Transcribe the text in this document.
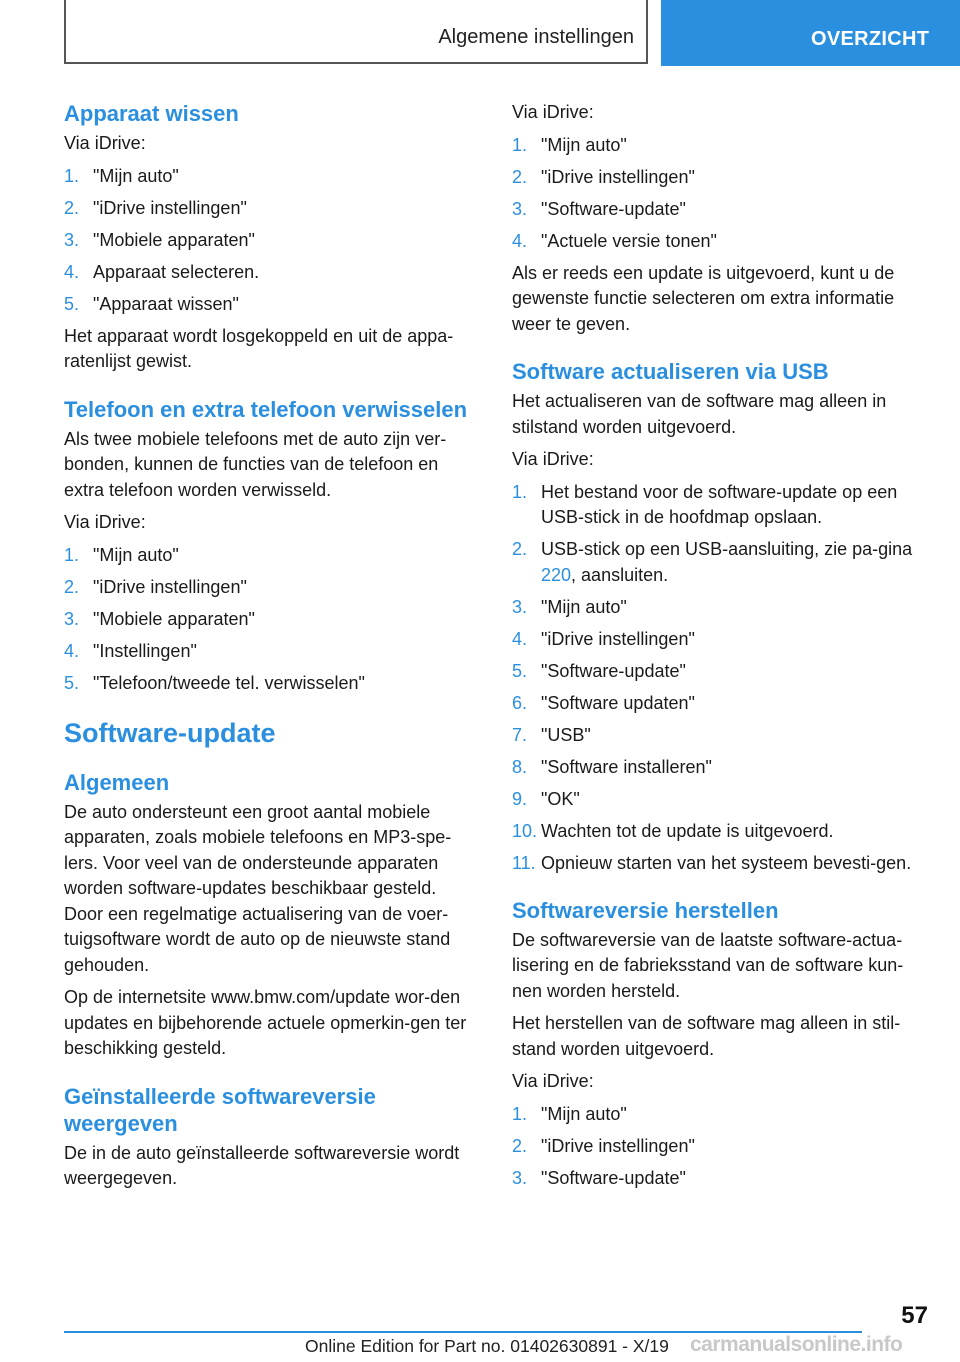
Algemene instellingen	OVERZICHT
Apparaat wissen
Via iDrive:
1. "Mijn auto"
2. "iDrive instellingen"
3. "Mobiele apparaten"
4. Apparaat selecteren.
5. "Apparaat wissen"
Het apparaat wordt losgekoppeld en uit de appa-ratenlijst gewist.
Telefoon en extra telefoon verwisselen
Als twee mobiele telefoons met de auto zijn ver-bonden, kunnen de functies van de telefoon en extra telefoon worden verwisseld.
Via iDrive:
1. "Mijn auto"
2. "iDrive instellingen"
3. "Mobiele apparaten"
4. "Instellingen"
5. "Telefoon/tweede tel. verwisselen"
Software-update
Algemeen
De auto ondersteunt een groot aantal mobiele apparaten, zoals mobiele telefoons en MP3-spe-lers. Voor veel van de ondersteunde apparaten worden software-updates beschikbaar gesteld. Door een regelmatige actualisering van de voer-tuigsoftware wordt de auto op de nieuwste stand gehouden.
Op de internetsite www.bmw.com/update wor-den updates en bijbehorende actuele opmerkin-gen ter beschikking gesteld.
Geïnstalleerde softwareversie weergeven
De in de auto geïnstalleerde softwareversie wordt weergegeven.
Via iDrive:
1. "Mijn auto"
2. "iDrive instellingen"
3. "Software-update"
4. "Actuele versie tonen"
Als er reeds een update is uitgevoerd, kunt u de gewenste functie selecteren om extra informatie weer te geven.
Software actualiseren via USB
Het actualiseren van de software mag alleen in stilstand worden uitgevoerd.
Via iDrive:
1. Het bestand voor de software-update op een USB-stick in de hoofdmap opslaan.
2. USB-stick op een USB-aansluiting, zie pa-gina 220, aansluiten.
3. "Mijn auto"
4. "iDrive instellingen"
5. "Software-update"
6. "Software updaten"
7. "USB"
8. "Software installeren"
9. "OK"
10. Wachten tot de update is uitgevoerd.
11. Opnieuw starten van het systeem bevesti-gen.
Softwareversie herstellen
De softwareversie van de laatste software-actua-lisering en de fabrieksstand van de software kun-nen worden hersteld.
Het herstellen van de software mag alleen in stil-stand worden uitgevoerd.
Via iDrive:
1. "Mijn auto"
2. "iDrive instellingen"
3. "Software-update"
57
Online Edition for Part no. 01402630891 - X/19 carmanualsonline.info
